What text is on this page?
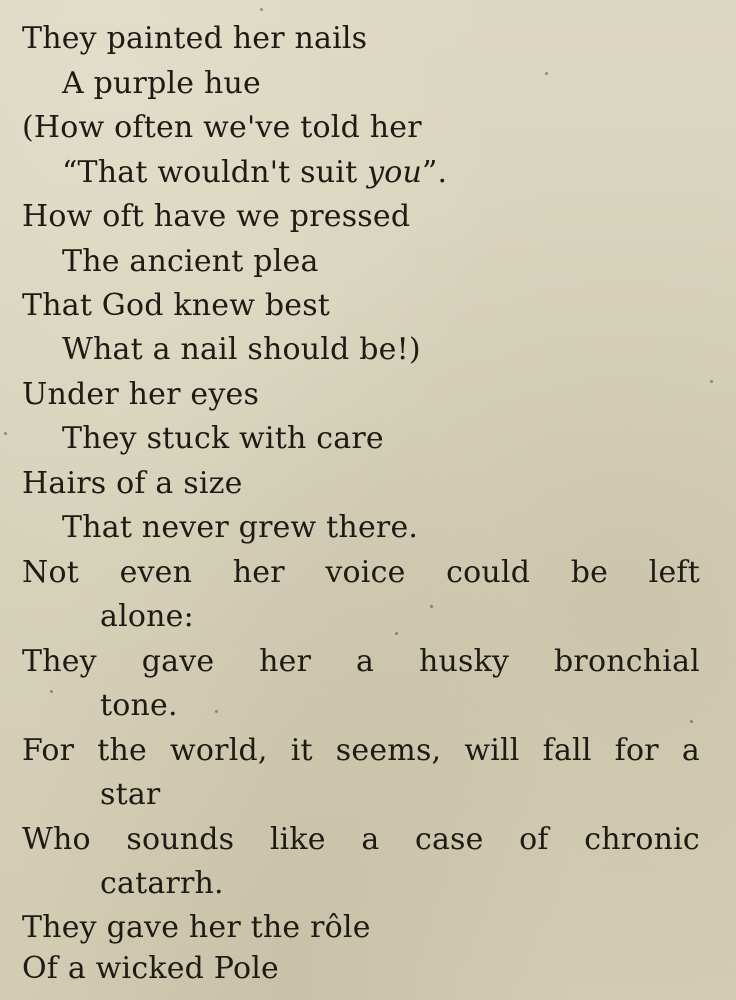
They painted her nails
A purple hue
(How often we've told her
“That wouldn't suit you”.
How oft have we pressed
The ancient plea
That God knew best
What a nail should be!)
Under her eyes
They stuck with care
Hairs of a size
That never grew there.
Not even her voice could be left
alone:
They gave her a husky bronchial
tone.
For the world, it seems, will fall for a
star
Who sounds like a case of chronic
catarrh.
They gave her the rôle
Of a wicked Pole
